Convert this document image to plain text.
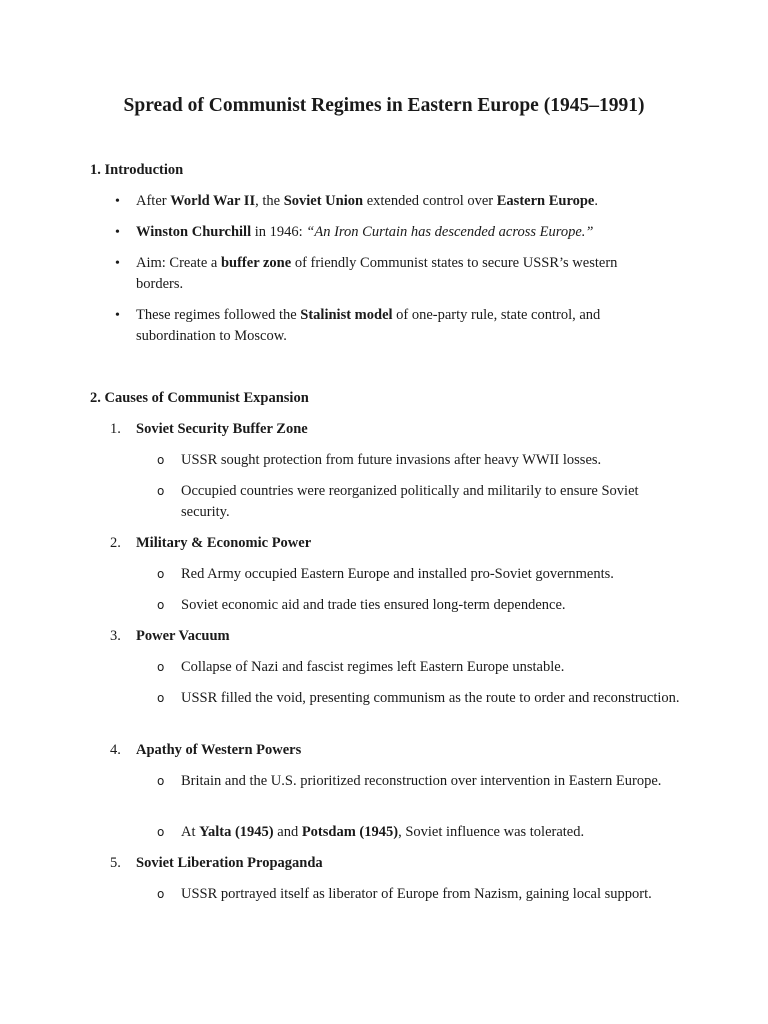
Spread of Communist Regimes in Eastern Europe (1945–1991)
1. Introduction
• After World War II, the Soviet Union extended control over Eastern Europe.
• Winston Churchill in 1946: “An Iron Curtain has descended across Europe.”
• Aim: Create a buffer zone of friendly Communist states to secure USSR’s western borders.
• These regimes followed the Stalinist model of one-party rule, state control, and subordination to Moscow.
2. Causes of Communist Expansion
1. Soviet Security Buffer Zone
o USSR sought protection from future invasions after heavy WWII losses.
o Occupied countries were reorganized politically and militarily to ensure Soviet security.
2. Military & Economic Power
o Red Army occupied Eastern Europe and installed pro-Soviet governments.
o Soviet economic aid and trade ties ensured long-term dependence.
3. Power Vacuum
o Collapse of Nazi and fascist regimes left Eastern Europe unstable.
o USSR filled the void, presenting communism as the route to order and reconstruction.
4. Apathy of Western Powers
o Britain and the U.S. prioritized reconstruction over intervention in Eastern Europe.
o At Yalta (1945) and Potsdam (1945), Soviet influence was tolerated.
5. Soviet Liberation Propaganda
o USSR portrayed itself as liberator of Europe from Nazism, gaining local support.
